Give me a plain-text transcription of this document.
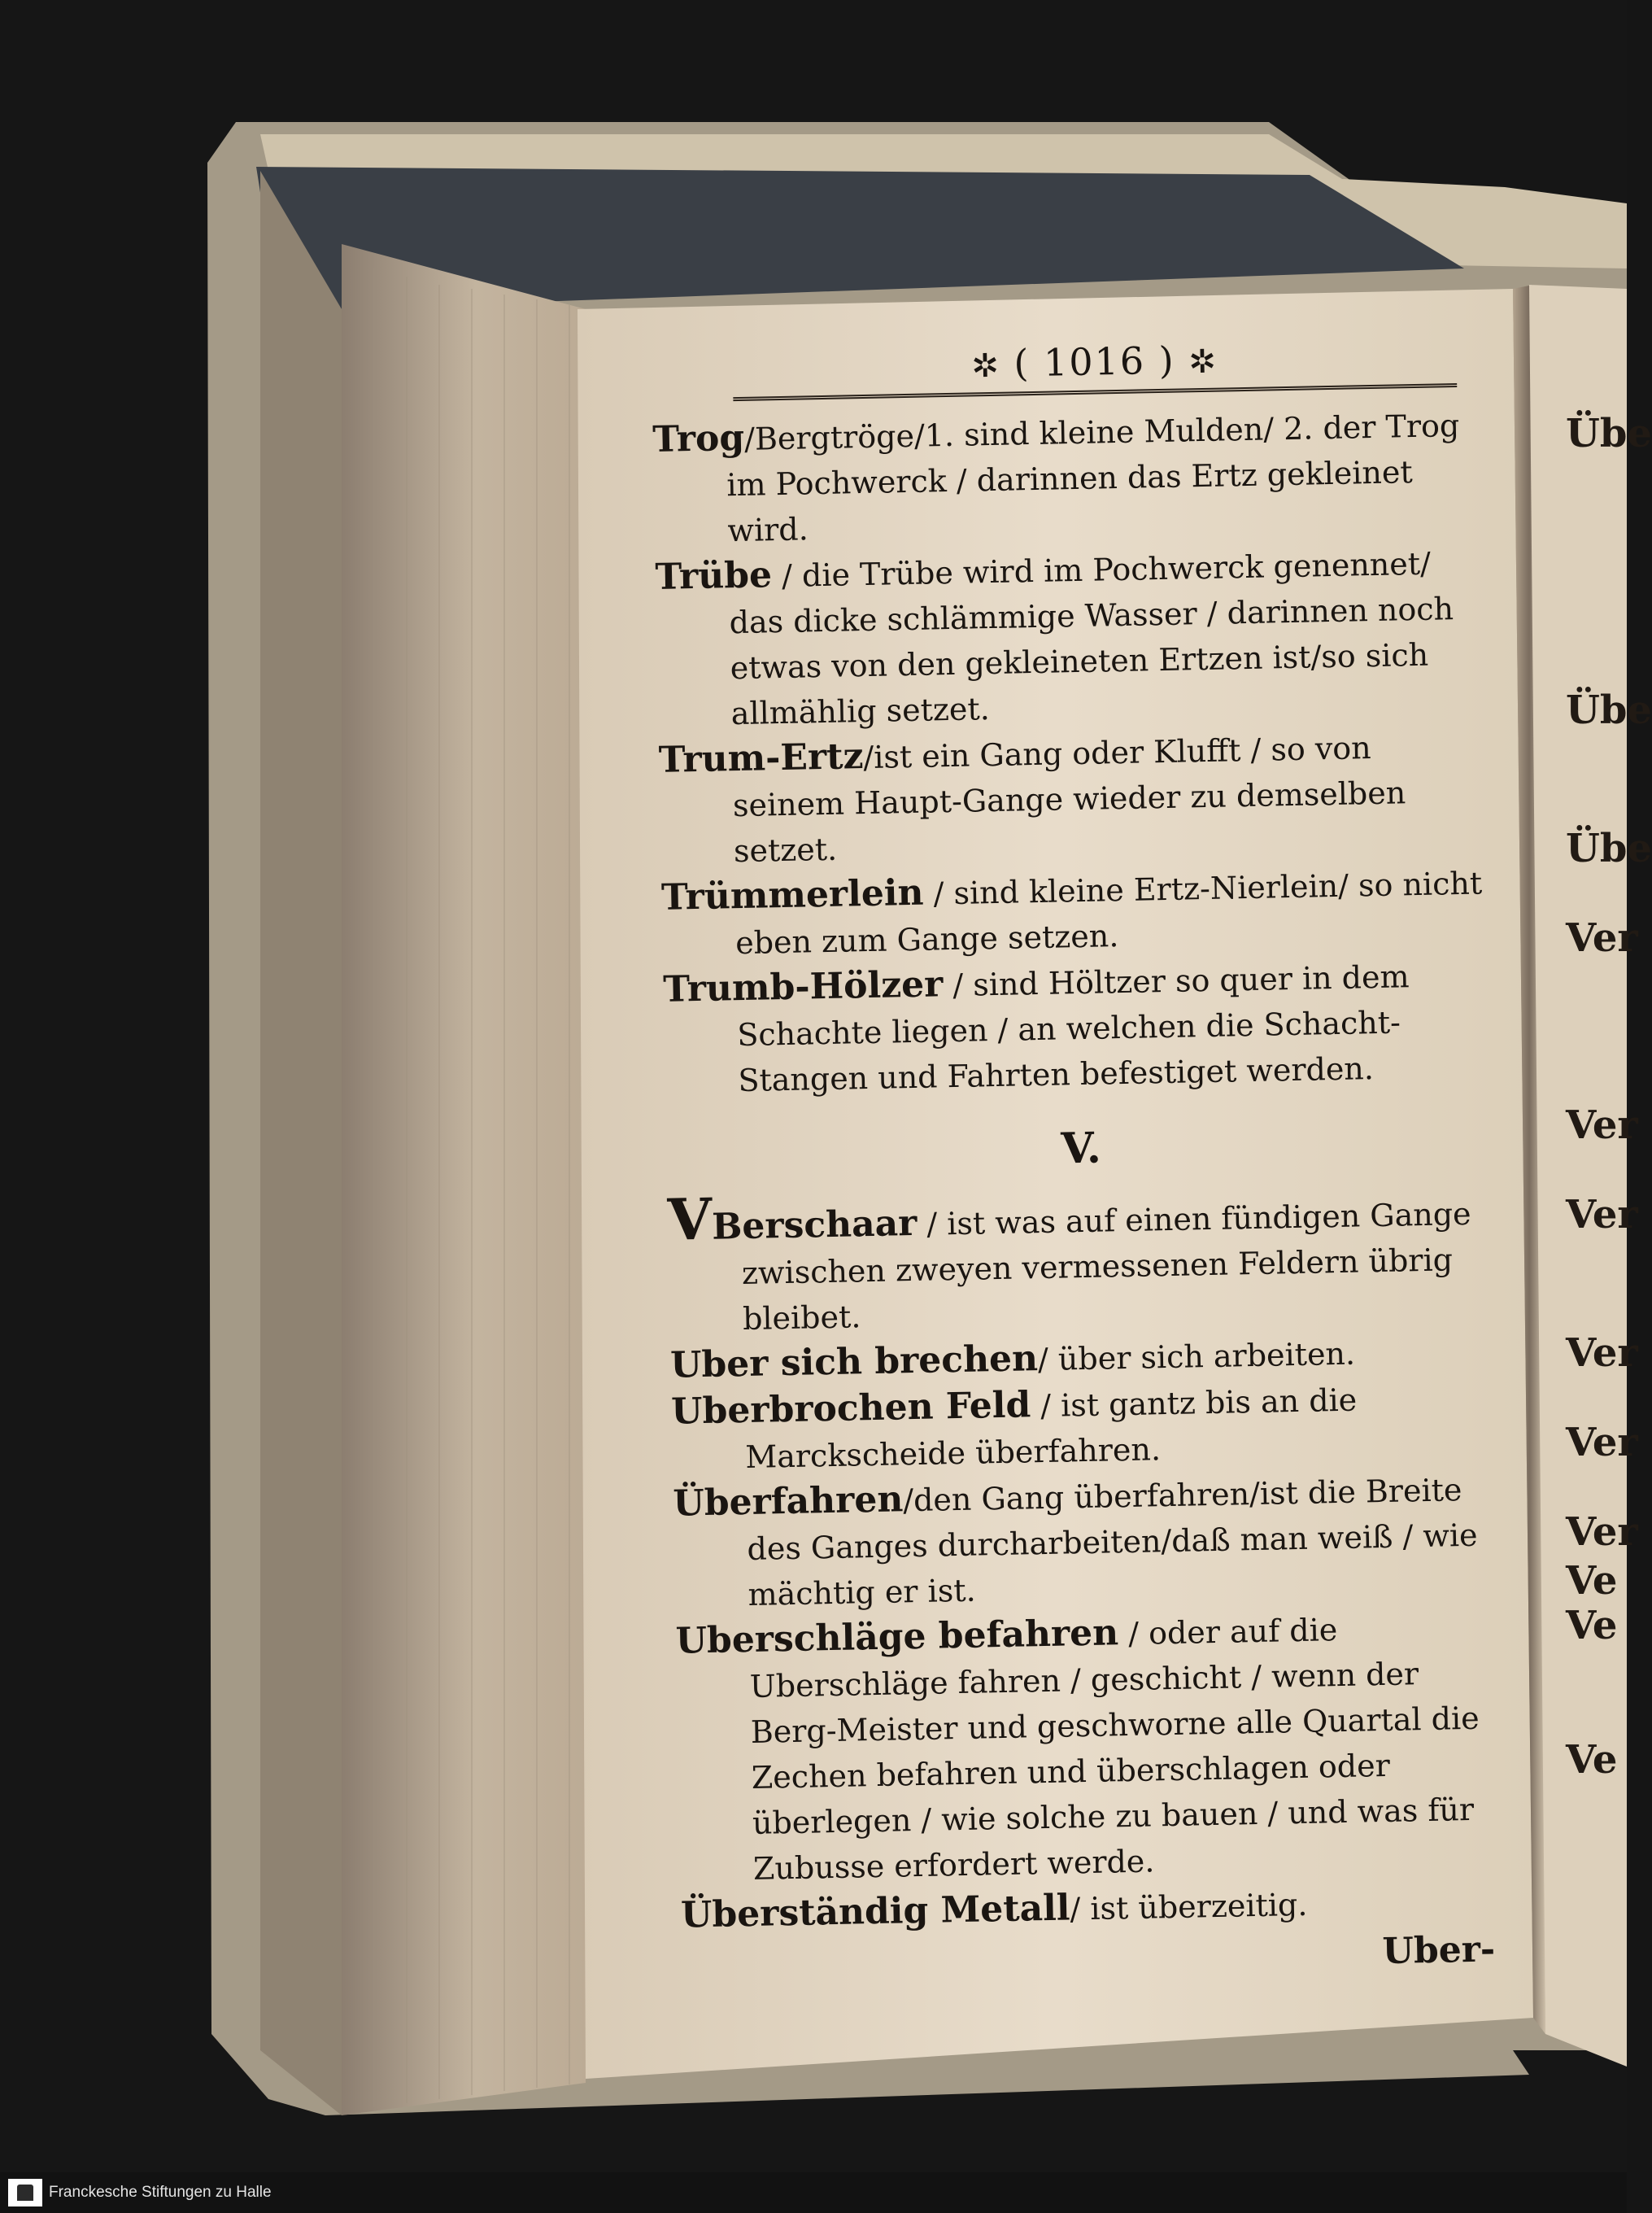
✲ ( 1016 ) ✲

Trog/Bergtröge/1. sind kleine Mulden/ 2. der Trog im Pochwerck / darinnen das Ertz gekleinet wird.

Trübe / die Trübe wird im Pochwerck genennet/ das dicke schlämmige Wasser / darinnen noch etwas von den gekleineten Ertzen ist/so sich allmählig setzet.

Trum-Ertz/ist ein Gang oder Klufft / so von seinem Haupt-Gange wieder zu demselben setzet.

Trümmerlein / sind kleine Ertz-Nierlein/ so nicht eben zum Gange setzen.

Trumb-Hölzer / sind Höltzer so quer in dem Schachte liegen / an welchen die Schacht-Stangen und Fahrten befestiget werden.

V.

VBerschaar / ist was auf einen fündigen Gange zwischen zweyen vermessenen Feldern übrig bleibet.

Uber sich brechen/ über sich arbeiten.

Uberbrochen Feld / ist gantz bis an die Marckscheide überfahren.

Überfahren/den Gang überfahren/ist die Breite des Ganges durcharbeiten/daß man weiß / wie mächtig er ist.

Uberschläge befahren / oder auf die Uberschläge fahren / geschicht / wenn der Berg-Meister und geschworne alle Quartal die Zechen befahren und überschlagen oder überlegen / wie solche zu bauen / und was für Zubusse erfordert werde.

Überständig Metall/ ist überzeitig.

Uber-
Übe
Übe
Übe
Ver
Ver
Ver
Ver
Ver
Ver
Ve
Ve
Ve
Franckesche Stiftungen zu Halle
